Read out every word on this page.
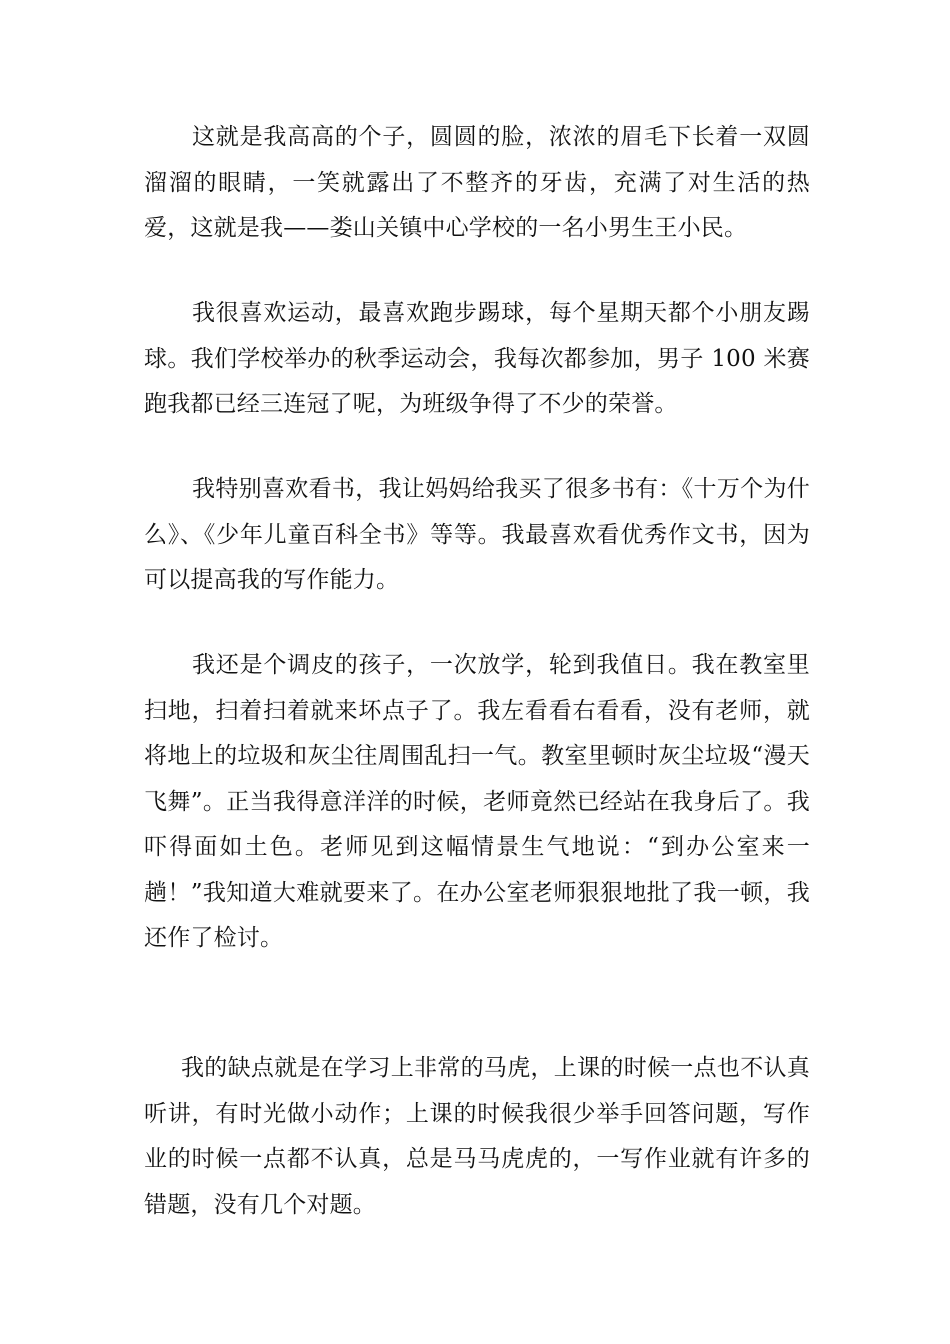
这就是我高高的个子，圆圆的脸，浓浓的眉毛下长着一双圆溜溜的眼睛，一笑就露出了不整齐的牙齿，充满了对生活的热爱，这就是我——娄山关镇中心学校的一名小男生王小民。

我很喜欢运动，最喜欢跑步踢球，每个星期天都个小朋友踢球。我们学校举办的秋季运动会，我每次都参加，男子 100 米赛跑我都已经三连冠了呢，为班级争得了不少的荣誉。

我特别喜欢看书，我让妈妈给我买了很多书有：《十万个为什么》、《少年儿童百科全书》等等。我最喜欢看优秀作文书，因为可以提高我的写作能力。

我还是个调皮的孩子，一次放学，轮到我值日。我在教室里扫地，扫着扫着就来坏点子了。我左看看右看看，没有老师，就将地上的垃圾和灰尘往周围乱扫一气。教室里顿时灰尘垃圾“漫天飞舞”。正当我得意洋洋的时候，老师竟然已经站在我身后了。我吓得面如土色。老师见到这幅情景生气地说：“到办公室来一趟！”我知道大难就要来了。在办公室老师狠狠地批了我一顿，我还作了检讨。

我的缺点就是在学习上非常的马虎，上课的时候一点也不认真听讲，有时光做小动作；上课的时候我很少举手回答问题，写作业的时候一点都不认真，总是马马虎虎的，一写作业就有许多的错题，没有几个对题。
